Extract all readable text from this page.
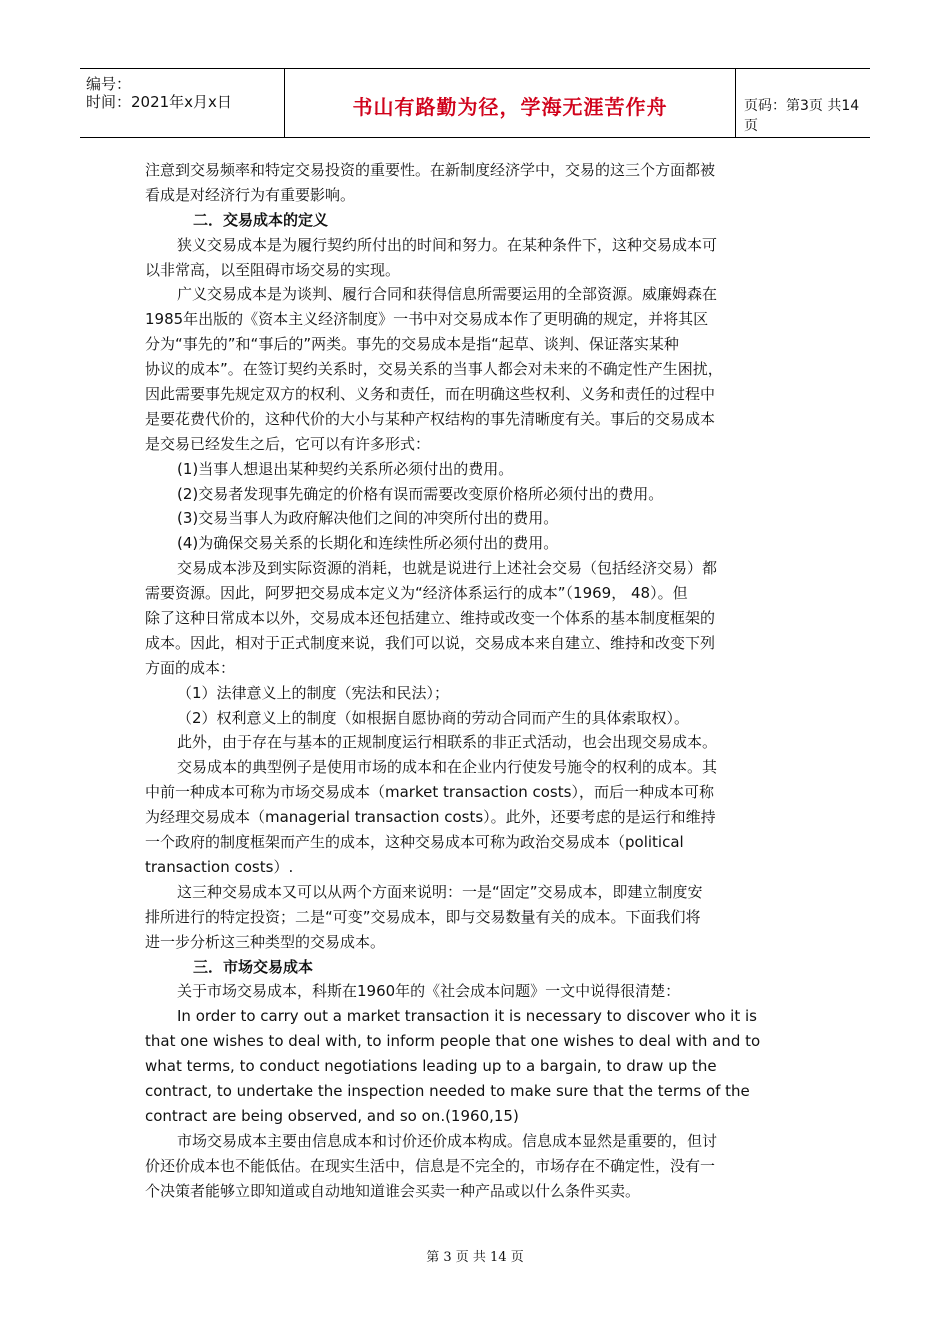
编号：
时间：2021年x月x日	书山有路勤为径，学海无涯苦作舟	页码：第3页 共14页
注意到交易频率和特定交易投资的重要性。在新制度经济学中，交易的这三个方面都被
看成是对经济行为有重要影响。
二．交易成本的定义
狭义交易成本是为履行契约所付出的时间和努力。在某种条件下，这种交易成本可
以非常高，以至阻碍市场交易的实现。
广义交易成本是为谈判、履行合同和获得信息所需要运用的全部资源。威廉姆森在
1985年出版的《资本主义经济制度》一书中对交易成本作了更明确的规定，并将其区
分为“事先的”和“事后的”两类。事先的交易成本是指“起草、谈判、保证落实某种
协议的成本”。在签订契约关系时，交易关系的当事人都会对未来的不确定性产生困扰，
因此需要事先规定双方的权利、义务和责任，而在明确这些权利、义务和责任的过程中
是要花费代价的，这种代价的大小与某种产权结构的事先清晰度有关。事后的交易成本
是交易已经发生之后，它可以有许多形式：
(1)当事人想退出某种契约关系所必须付出的费用。
(2)交易者发现事先确定的价格有误而需要改变原价格所必须付出的费用。
(3)交易当事人为政府解决他们之间的冲突所付出的费用。
(4)为确保交易关系的长期化和连续性所必须付出的费用。
交易成本涉及到实际资源的消耗，也就是说进行上述社会交易（包括经济交易）都
需要资源。因此，阿罗把交易成本定义为“经济体系运行的成本”（1969， 48）。但
除了这种日常成本以外，交易成本还包括建立、维持或改变一个体系的基本制度框架的
成本。因此，相对于正式制度来说，我们可以说，交易成本来自建立、维持和改变下列
方面的成本：
（1）法律意义上的制度（宪法和民法）；
（2）权利意义上的制度（如根据自愿协商的劳动合同而产生的具体索取权）。
此外，由于存在与基本的正规制度运行相联系的非正式活动，也会出现交易成本。
交易成本的典型例子是使用市场的成本和在企业内行使发号施令的权利的成本。其
中前一种成本可称为市场交易成本（market transaction costs），而后一种成本可称
为经理交易成本（managerial transaction costs）。此外，还要考虑的是运行和维持
一个政府的制度框架而产生的成本，这种交易成本可称为政治交易成本（political
transaction costs）.
这三种交易成本又可以从两个方面来说明：一是“固定”交易成本，即建立制度安
排所进行的特定投资；二是“可变”交易成本，即与交易数量有关的成本。下面我们将
进一步分析这三种类型的交易成本。
三．市场交易成本
关于市场交易成本，科斯在1960年的《社会成本问题》一文中说得很清楚：
In order to carry out a market transaction it is necessary to discover who it is
that one wishes to deal with, to inform people that one wishes to deal with and to
what terms, to conduct negotiations leading up to a bargain, to draw up the
contract, to undertake the inspection needed to make sure that the terms of the
contract are being observed, and so on.(1960,15)
市场交易成本主要由信息成本和讨价还价成本构成。信息成本显然是重要的，但讨
价还价成本也不能低估。在现实生活中，信息是不完全的，市场存在不确定性，没有一
个决策者能够立即知道或自动地知道谁会买卖一种产品或以什么条件买卖。
第 3 页 共 14 页
